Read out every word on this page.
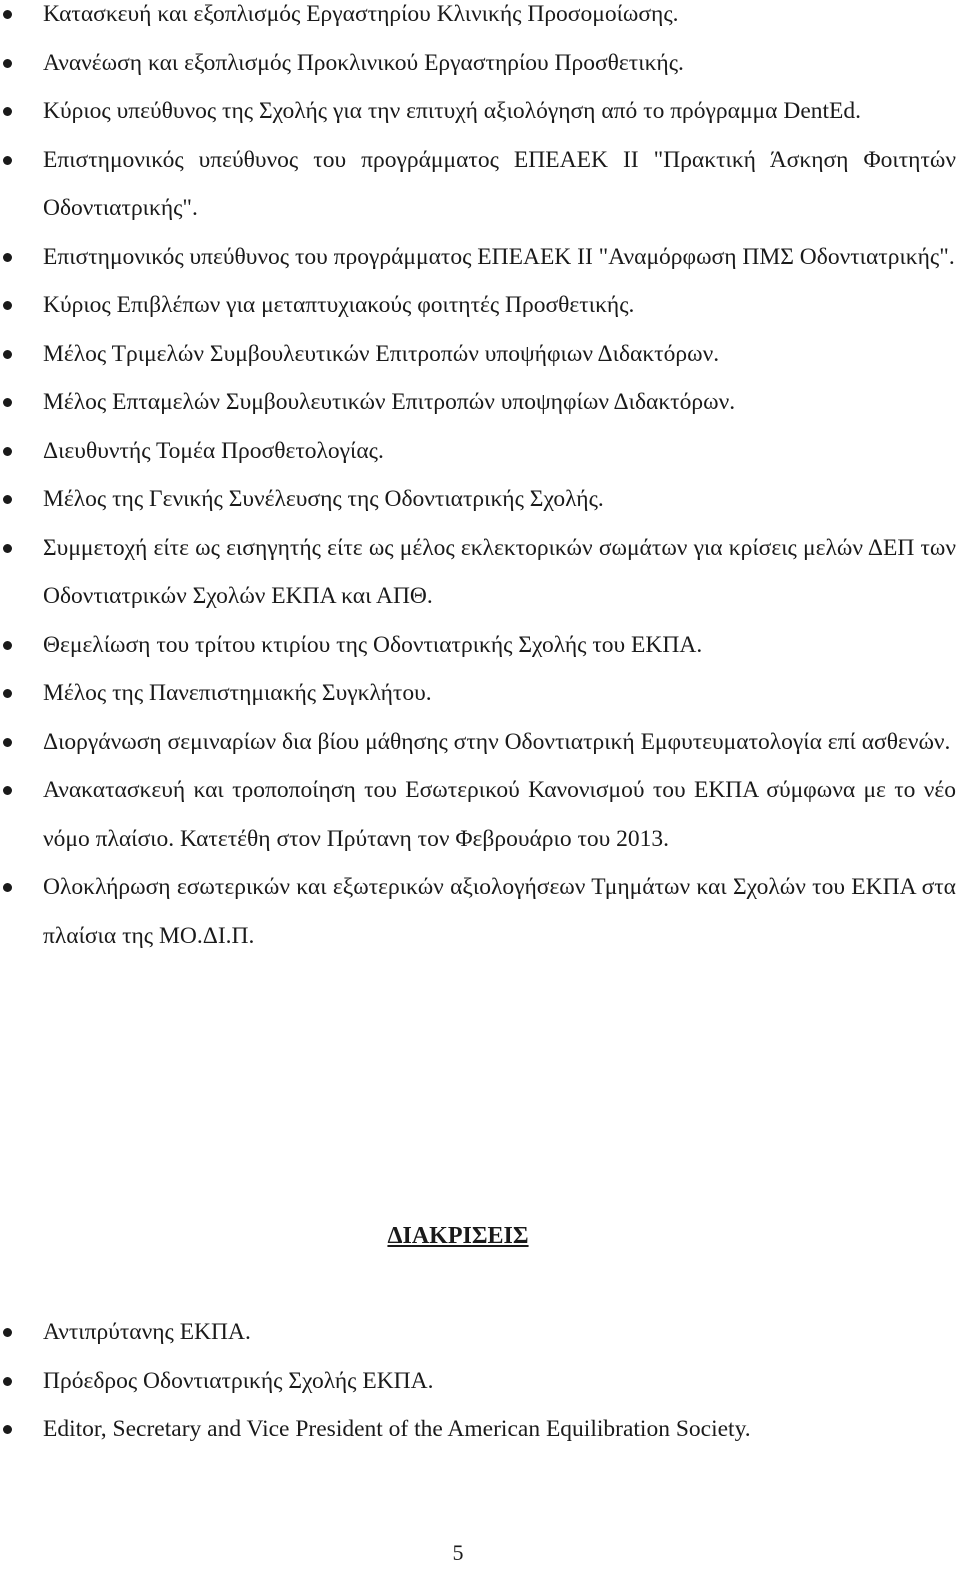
Κατασκευή και εξοπλισμός Εργαστηρίου Κλινικής Προσομοίωσης.
Ανανέωση και εξοπλισμός Προκλινικού Εργαστηρίου Προσθετικής.
Κύριος υπεύθυνος της Σχολής για την επιτυχή αξιολόγηση από το πρόγραμμα DentEd.
Επιστημονικός υπεύθυνος του προγράμματος ΕΠΕΑΕΚ ΙΙ "Πρακτική Άσκηση Φοιτητών Οδοντιατρικής".
Επιστημονικός υπεύθυνος του προγράμματος ΕΠΕΑΕΚ ΙΙ "Αναμόρφωση ΠΜΣ Οδοντιατρικής".
Κύριος Επιβλέπων για μεταπτυχιακούς φοιτητές Προσθετικής.
Μέλος Τριμελών Συμβουλευτικών Επιτροπών υποψήφιων Διδακτόρων.
Μέλος Επταμελών Συμβουλευτικών Επιτροπών υποψηφίων Διδακτόρων.
Διευθυντής Τομέα Προσθετολογίας.
Μέλος της Γενικής Συνέλευσης της Οδοντιατρικής Σχολής.
Συμμετοχή είτε ως εισηγητής είτε ως μέλος εκλεκτορικών σωμάτων για κρίσεις μελών ΔΕΠ των Οδοντιατρικών Σχολών ΕΚΠΑ και ΑΠΘ.
Θεμελίωση του τρίτου κτιρίου της Οδοντιατρικής Σχολής του ΕΚΠΑ.
Μέλος της Πανεπιστημιακής Συγκλήτου.
Διοργάνωση σεμιναρίων δια βίου μάθησης στην Οδοντιατρική Εμφυτευματολογία επί ασθενών.
Ανακατασκευή και τροποποίηση του Εσωτερικού Κανονισμού του ΕΚΠΑ σύμφωνα με το νέο νόμο πλαίσιο. Κατετέθη στον Πρύτανη τον Φεβρουάριο του 2013.
Ολοκλήρωση εσωτερικών και εξωτερικών αξιολογήσεων Τμημάτων και Σχολών του ΕΚΠΑ στα πλαίσια της ΜΟ.ΔΙ.Π.
ΔΙΑΚΡΙΣΕΙΣ
Αντιπρύτανης ΕΚΠΑ.
Πρόεδρος Οδοντιατρικής Σχολής ΕΚΠΑ.
Editor, Secretary and Vice President of the American Equilibration Society.
5
